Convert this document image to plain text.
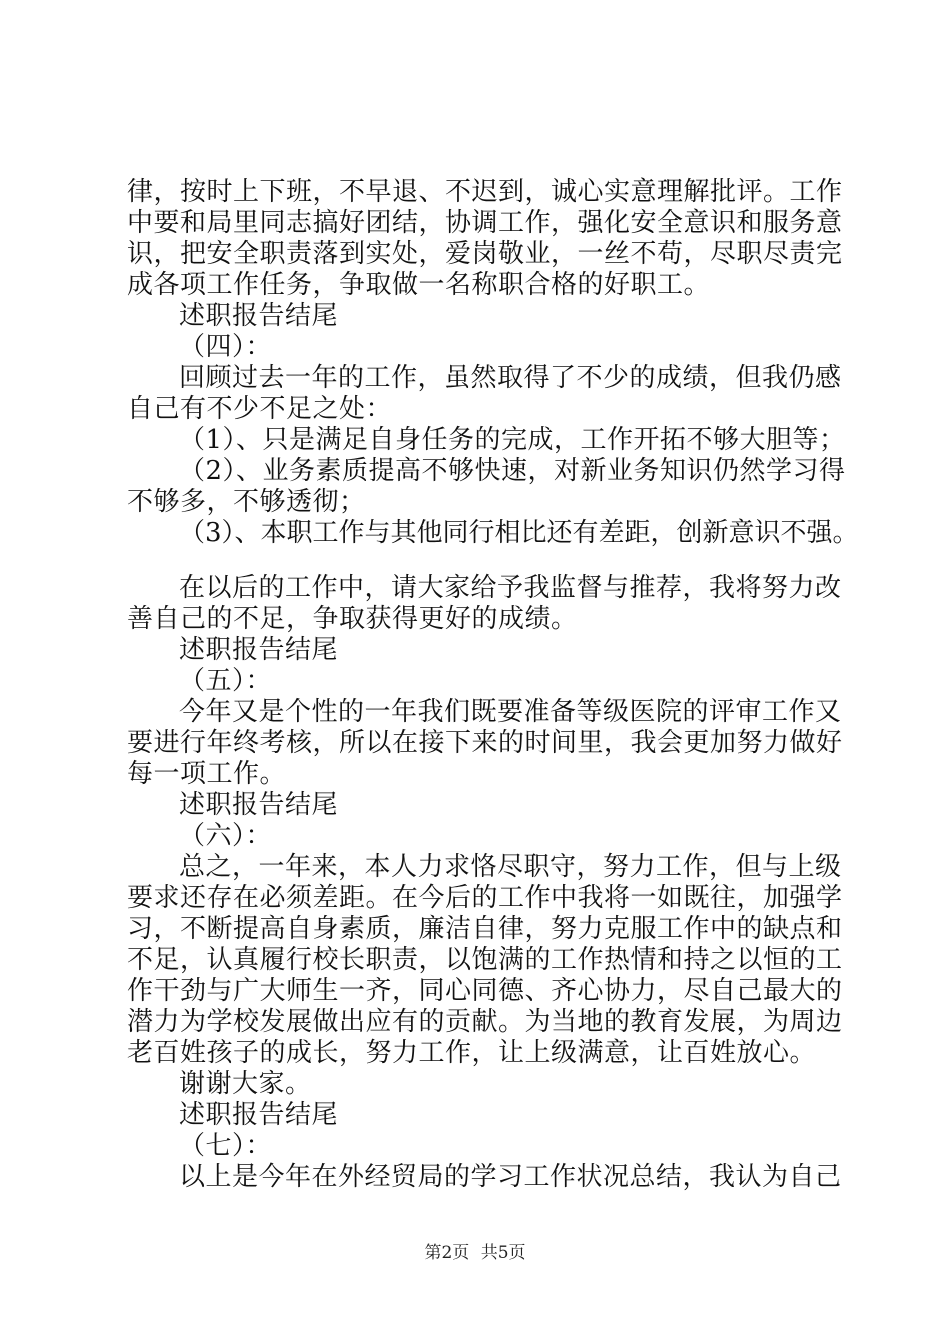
律，按时上下班，不早退、不迟到，诚心实意理解批评。工作
中要和局里同志搞好团结，协调工作，强化安全意识和服务意
识，把安全职责落到实处，爱岗敬业，一丝不苟，尽职尽责完
成各项工作任务，争取做一名称职合格的好职工。
述职报告结尾
（四）：
回顾过去一年的工作，虽然取得了不少的成绩，但我仍感
自己有不少不足之处：
（1）、只是满足自身任务的完成，工作开拓不够大胆等；
（2）、业务素质提高不够快速，对新业务知识仍然学习得
不够多，不够透彻；
（3）、本职工作与其他同行相比还有差距，创新意识不强。
在以后的工作中，请大家给予我监督与推荐，我将努力改
善自己的不足，争取获得更好的成绩。
述职报告结尾
（五）：
今年又是个性的一年我们既要准备等级医院的评审工作又
要进行年终考核，所以在接下来的时间里，我会更加努力做好
每一项工作。
述职报告结尾
（六）：
总之，一年来，本人力求恪尽职守，努力工作，但与上级
要求还存在必须差距。在今后的工作中我将一如既往，加强学
习，不断提高自身素质，廉洁自律，努力克服工作中的缺点和
不足，认真履行校长职责，以饱满的工作热情和持之以恒的工
作干劲与广大师生一齐，同心同德、齐心协力，尽自己最大的
潜力为学校发展做出应有的贡献。为当地的教育发展，为周边
老百姓孩子的成长，努力工作，让上级满意，让百姓放心。
谢谢大家。
述职报告结尾
（七）：
以上是今年在外经贸局的学习工作状况总结，我认为自己
第2页 共5页
